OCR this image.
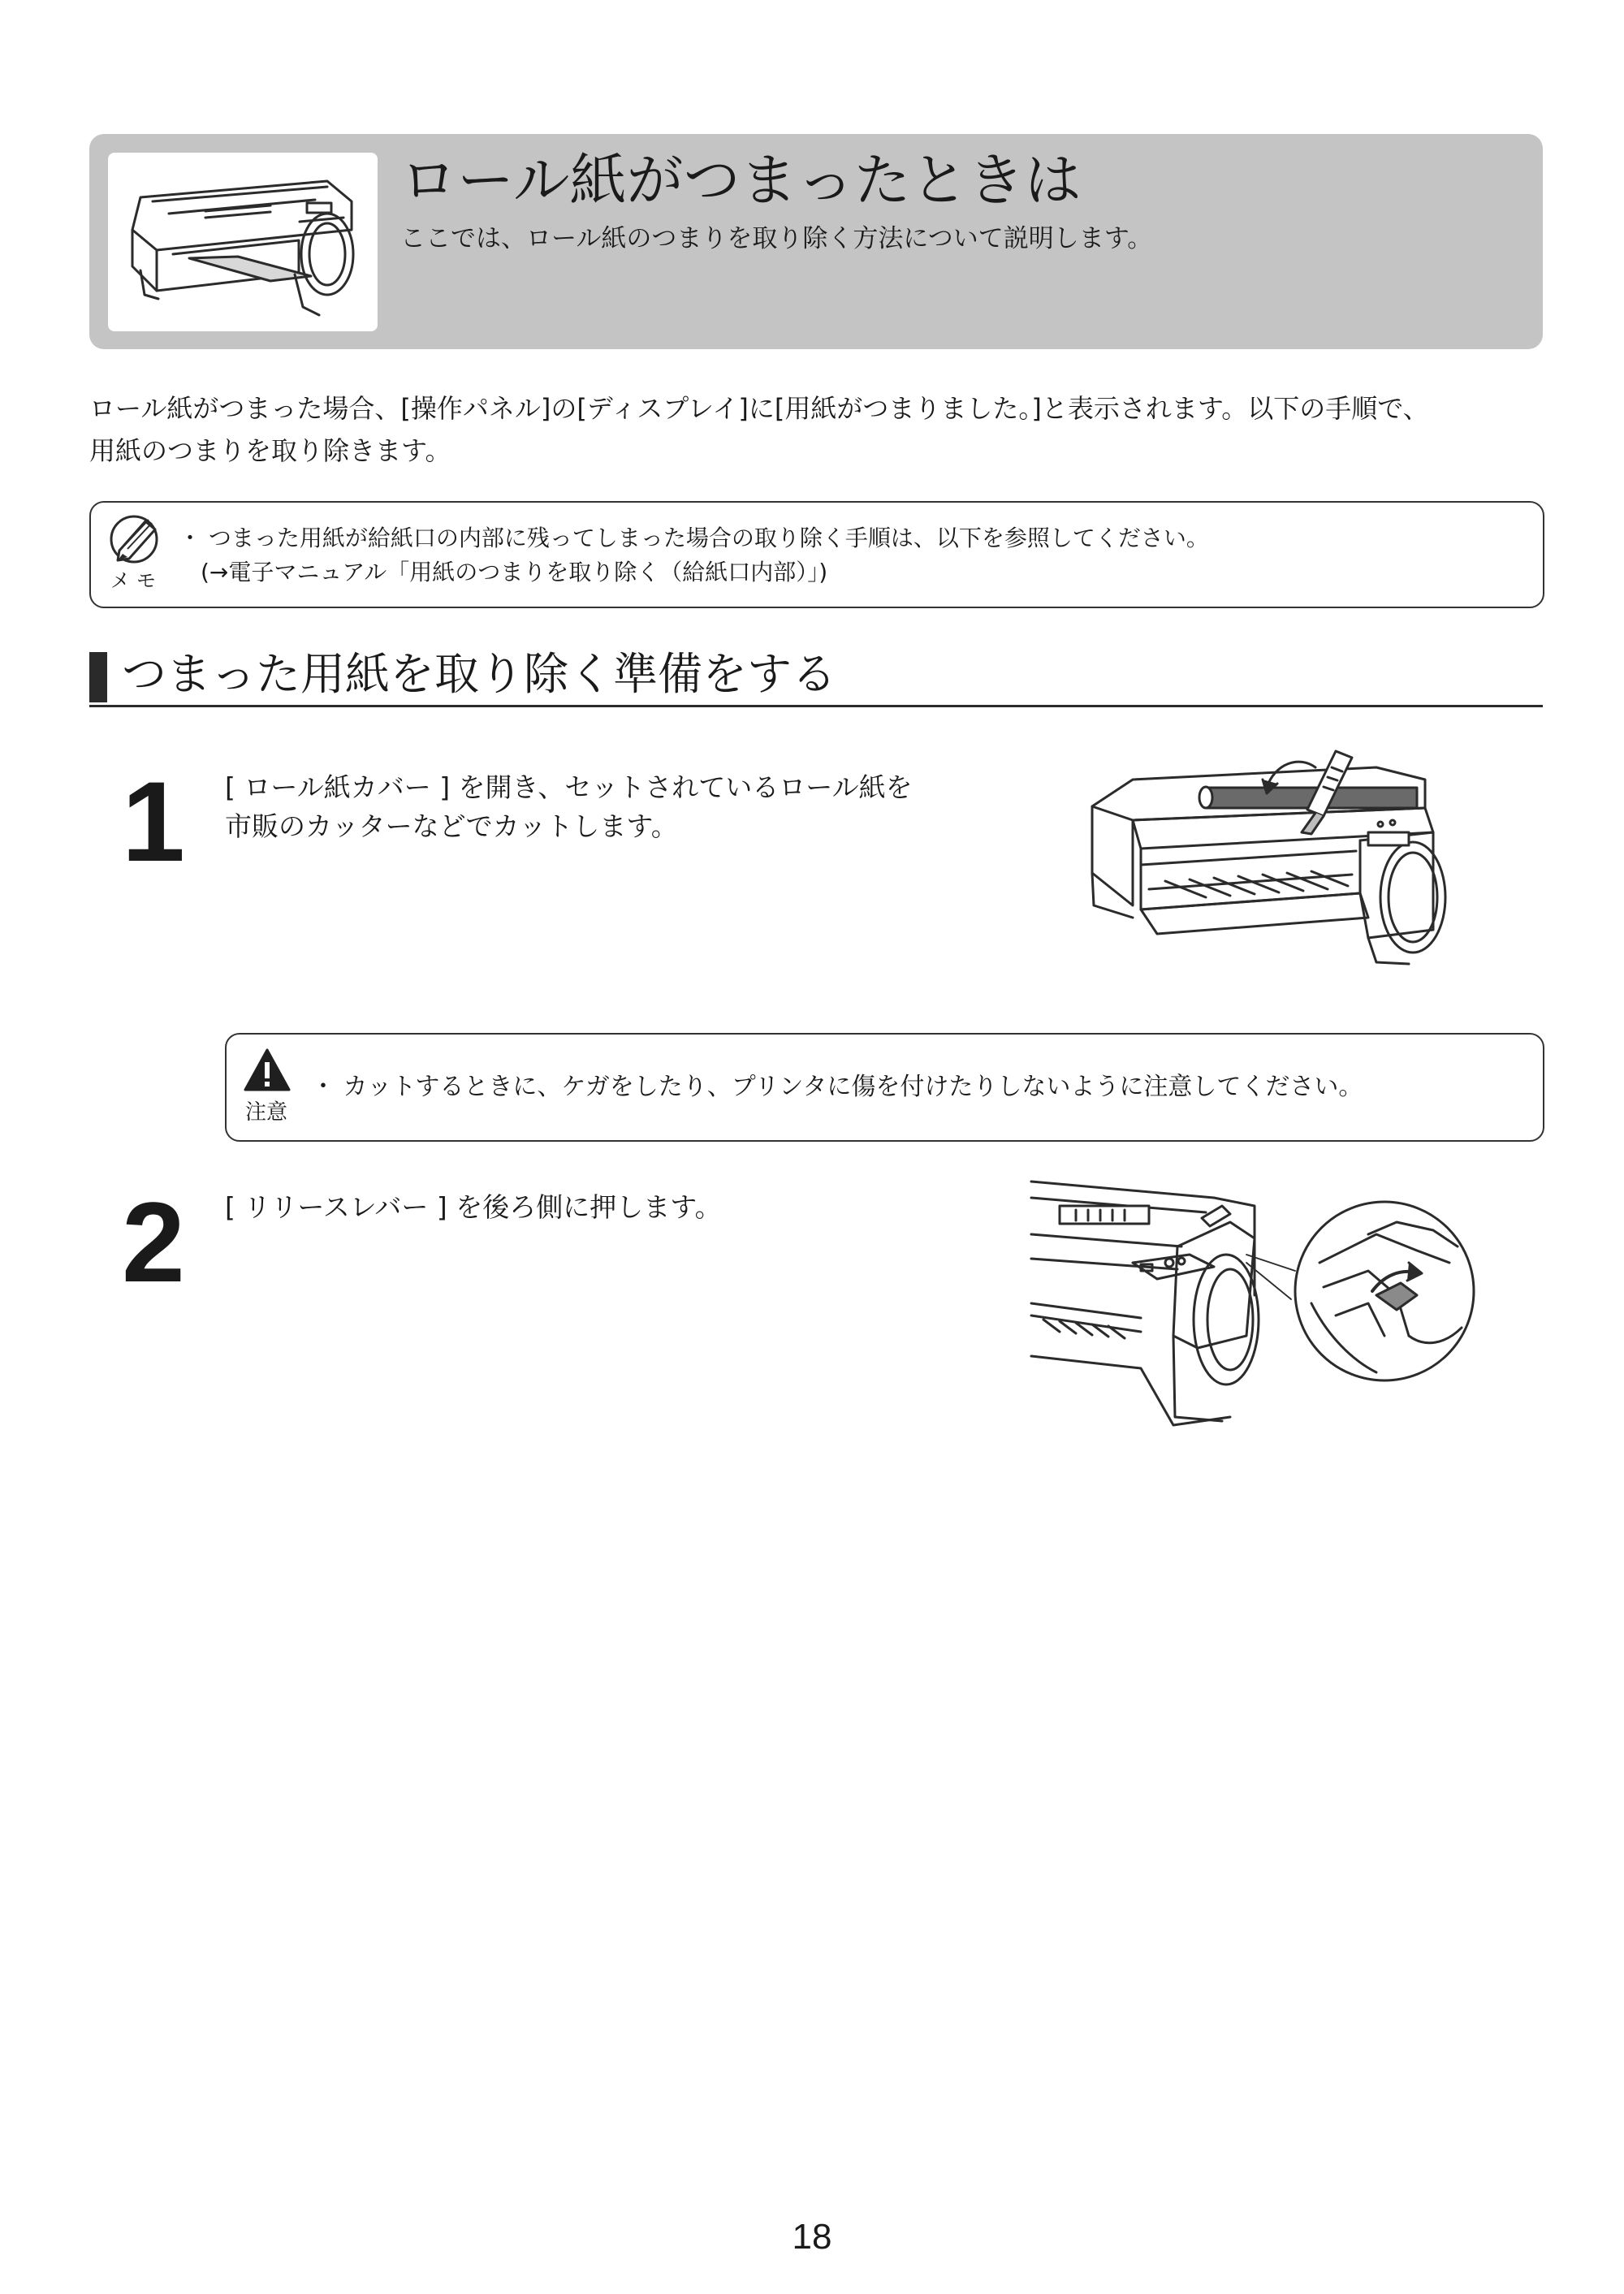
ロール紙がつまったときは
ここでは、ロール紙のつまりを取り除く方法について説明します。
ロール紙がつまった場合、[操作パネル]の[ディスプレイ]に[用紙がつまりました。]と表示されます。以下の手順で、
用紙のつまりを取り除きます。
メモ
・ つまった用紙が給紙口の内部に残ってしまった場合の取り除く手順は、以下を参照してください。
(→電子マニュアル「用紙のつまりを取り除く（給紙口内部）」)
つまった用紙を取り除く準備をする
1 [ ロール紙カバー ] を開き、セットされているロール紙を
市販のカッターなどでカットします。
注意
・ カットするときに、ケガをしたり、プリンタに傷を付けたりしないように注意してください。
2 [ リリースレバー ] を後ろ側に押します。
18
